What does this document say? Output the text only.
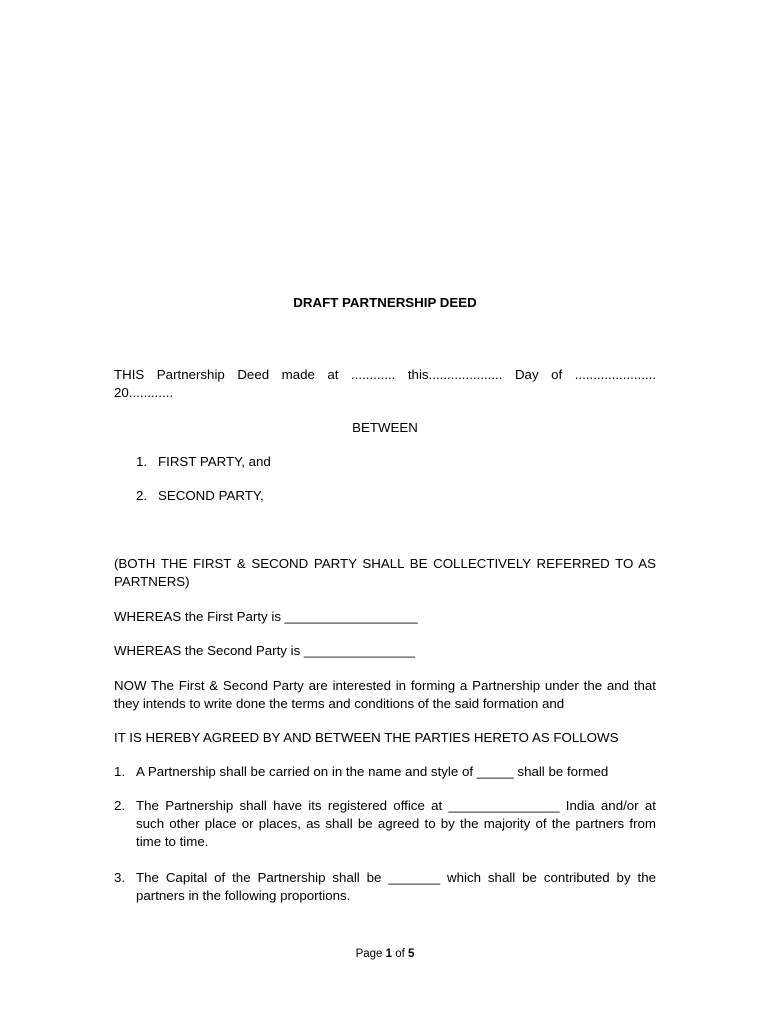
DRAFT PARTNERSHIP DEED
THIS Partnership Deed made at ............ this.................... Day of ......................
20............
BETWEEN
1. FIRST PARTY, and
2. SECOND PARTY,
(BOTH THE FIRST & SECOND PARTY SHALL BE COLLECTIVELY REFERRED TO AS PARTNERS)
WHEREAS the First Party is __________________
WHEREAS the Second Party is _______________
NOW The First & Second Party are interested in forming a Partnership under the and that they intends to write done the terms and conditions of the said formation and
IT IS HEREBY AGREED BY AND BETWEEN THE PARTIES HERETO AS FOLLOWS
1. A Partnership shall be carried on in the name and style of _____ shall be formed
2. The Partnership shall have its registered office at _______________ India and/or at such other place or places, as shall be agreed to by the majority of the partners from time to time.
3. The Capital of the Partnership shall be _______ which shall be contributed by the partners in the following proportions.
Page 1 of 5
